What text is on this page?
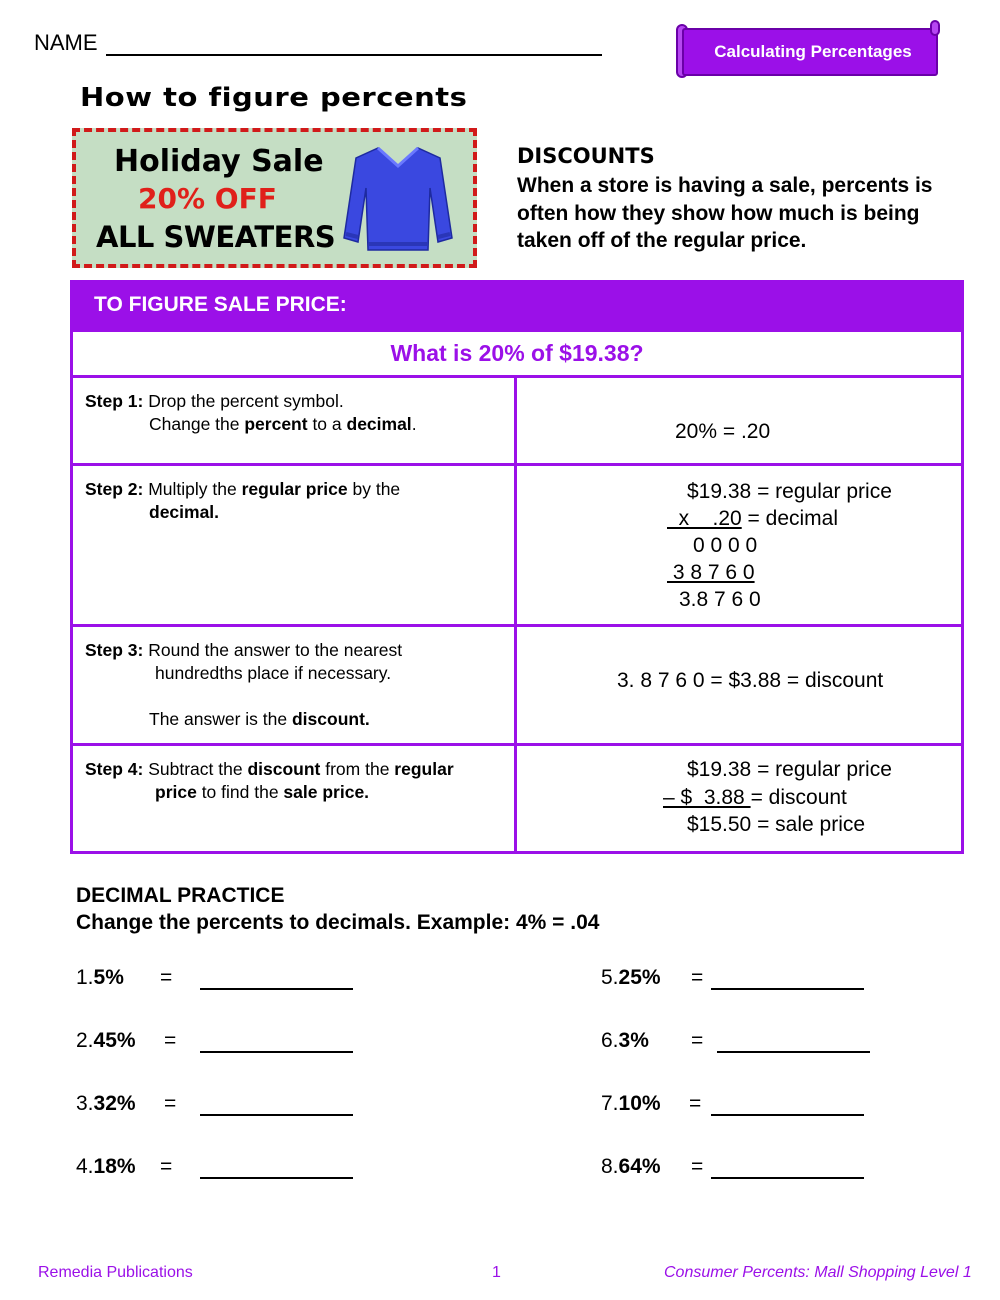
NAME	Calculating Percentages
How to figure percents
Holiday Sale
20% OFF
ALL SWEATERS
DISCOUNTS
When a store is having a sale, percents is often how they show how much is being taken off of the regular price.
TO FIGURE SALE PRICE:
What is 20% of $19.38?
Step 1: Drop the percent symbol.
Change the percent to a decimal.	20% = .20
Step 2: Multiply the regular price by the
decimal.
$19.38 = regular price
x    .20 = decimal
0 0 0 0
3 8 7 6 0
3.8 7 6 0
Step 3: Round the answer to the nearest
hundredths place if necessary.
The answer is the discount.
3. 8 7 6 0 = $3.88 = discount
Step 4: Subtract the discount from the regular
price to find the sale price.
$19.38 = regular price
– $  3.88 = discount
$15.50 = sale price
DECIMAL PRACTICE
Change the percents to decimals. Example: 4% = .04
1. 5% =
2. 45% =
3. 32% =
4. 18% =
5. 25% =
6. 3% =
7. 10% =
8. 64% =
Remedia Publications	1	Consumer Percents: Mall Shopping Level 1
